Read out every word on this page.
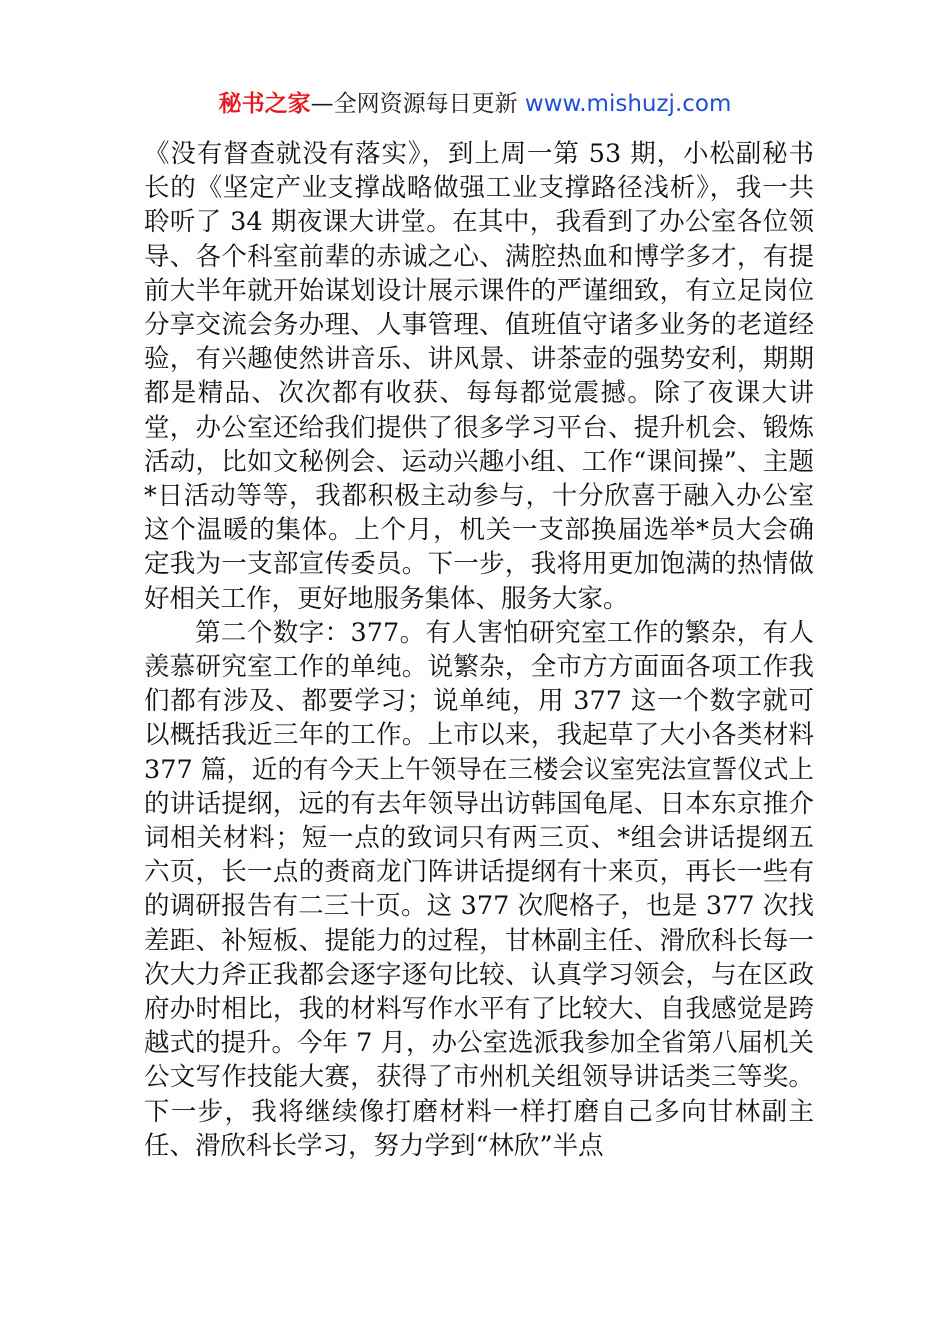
秘书之家—全网资源每日更新 www.mishuzj.com

《没有督查就没有落实》，到上周一第 53 期，小松副秘书长的《坚定产业支撑战略做强工业支撑路径浅析》，我一共聆听了 34 期夜课大讲堂。在其中，我看到了办公室各位领导、各个科室前辈的赤诚之心、满腔热血和博学多才，有提前大半年就开始谋划设计展示课件的严谨细致，有立足岗位分享交流会务办理、人事管理、值班值守诸多业务的老道经验，有兴趣使然讲音乐、讲风景、讲茶壶的强势安利，期期都是精品、次次都有收获、每每都觉震撼。除了夜课大讲堂，办公室还给我们提供了很多学习平台、提升机会、锻炼活动，比如文秘例会、运动兴趣小组、工作“课间操”、主题*日活动等等，我都积极主动参与，十分欣喜于融入办公室这个温暖的集体。上个月，机关一支部换届选举*员大会确定我为一支部宣传委员。下一步，我将用更加饱满的热情做好相关工作，更好地服务集体、服务大家。

第二个数字：377。有人害怕研究室工作的繁杂，有人羡慕研究室工作的单纯。说繁杂，全市方方面面各项工作我们都有涉及、都要学习；说单纯，用 377 这一个数字就可以概括我近三年的工作。上市以来，我起草了大小各类材料 377 篇，近的有今天上午领导在三楼会议室宪法宣誓仪式上的讲话提纲，远的有去年领导出访韩国龟尾、日本东京推介词相关材料；短一点的致词只有两三页、*组会讲话提纲五六页，长一点的赉商龙门阵讲话提纲有十来页，再长一些有的调研报告有二三十页。这 377 次爬格子，也是 377 次找差距、补短板、提能力的过程，甘林副主任、滑欣科长每一次大力斧正我都会逐字逐句比较、认真学习领会，与在区政府办时相比，我的材料写作水平有了比较大、自我感觉是跨越式的提升。今年 7 月，办公室选派我参加全省第八届机关公文写作技能大赛，获得了市州机关组领导讲话类三等奖。下一步，我将继续像打磨材料一样打磨自己多向甘林副主任、滑欣科长学习，努力学到“林欣”半点
